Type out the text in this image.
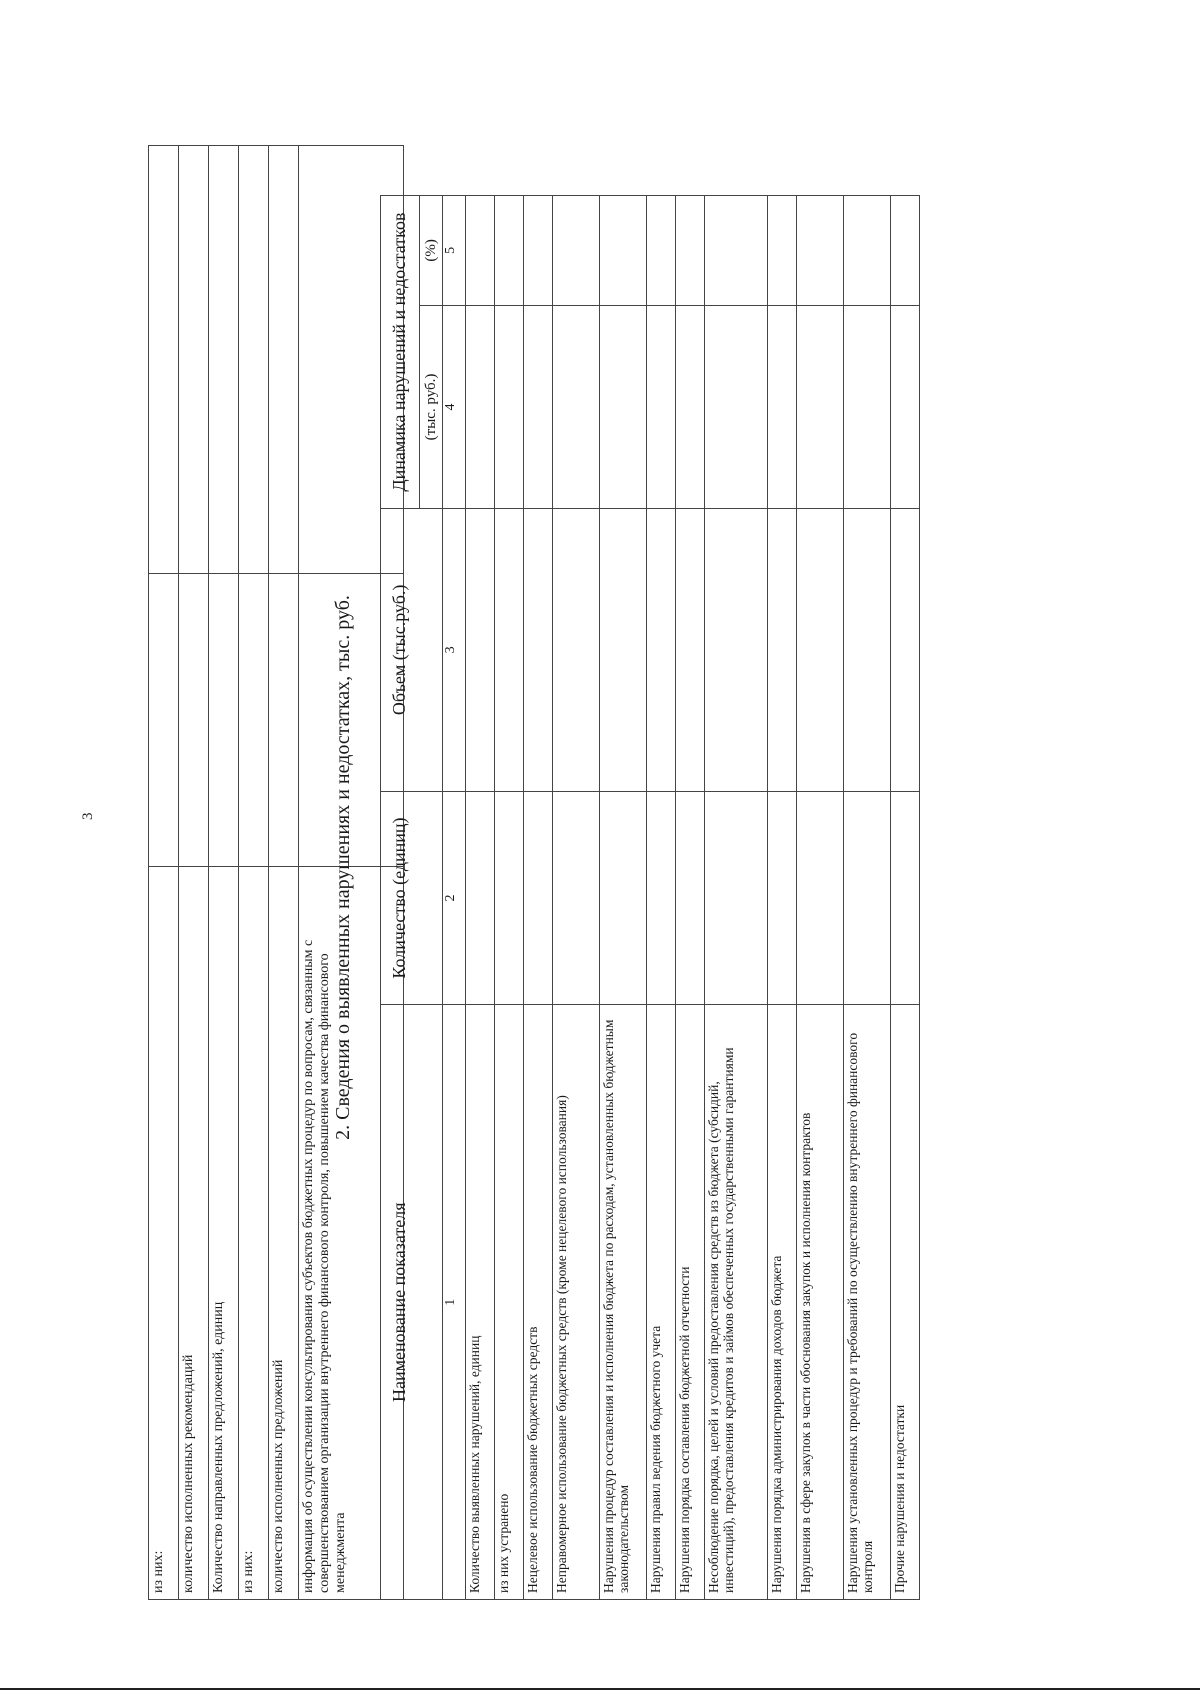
3
из них:		
количество исполненных рекомендаций		
Количество направленных предложений, единиц		
из них:		
количество исполненных предложений		
информация об осуществлении консультирования субъектов бюджетных процедур по вопросам, связанным с совершенствованием организации внутреннего финансового контроля, повышением качества финансового менеджмента		
2. Сведения о выявленных нарушениях и недостатках, тыс. руб.
Наименование показателя	Количество (единиц)	Объем (тыс.руб.)	Динамика нарушений и недостатков	
			(тыс. руб.)	(%)
1	2	3	4	5
Количество выявленных нарушений, единиц				
из них устранено				
Нецелевое использование бюджетных средств				
Неправомерное использование бюджетных средств (кроме нецелевого использования)				
Нарушения процедур составления и исполнения бюджета по расходам, установленных бюджетным законодательством				
Нарушения правил ведения бюджетного учета				
Нарушения порядка составления бюджетной отчетности				
Несоблюдение порядка, целей и условий предоставления средств из бюджета (субсидий, инвестиций), предоставления кредитов и займов обеспеченных государственными гарантиями				
Нарушения порядка администрирования доходов бюджета				
Нарушения в сфере закупок в части обоснования закупок и исполнения контрактов				
Нарушения установленных процедур и требований по осуществлению внутреннего финансового контроля				
Прочие нарушения и недостатки				
